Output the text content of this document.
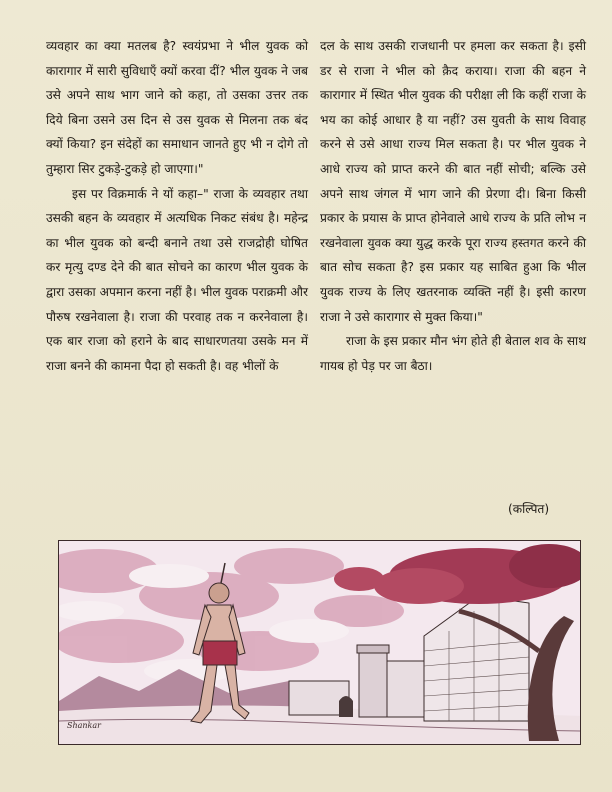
व्यवहार का क्या मतलब है? स्वयंप्रभा ने भील युवक को कारागार में सारी सुविधाएँ क्यों करवा दीं? भील युवक ने जब उसे अपने साथ भाग जाने को कहा, तो उसका उत्तर तक दिये बिना उसने उस दिन से उस युवक से मिलना तक बंद क्यों किया? इन संदेहों का समाधान जानते हुए भी न दोगे तो तुम्हारा सिर टुकड़े-टुकड़े हो जाएगा।"

इस पर विक्रमार्क ने यों कहा–" राजा के व्यवहार तथा उसकी बहन के व्यवहार में अत्यधिक निकट संबंध है। महेन्द्र का भील युवक को बन्दी बनाने तथा उसे राजद्रोही घोषित कर मृत्यु दण्ड देने की बात सोचने का कारण भील युवक के द्वारा उसका अपमान करना नहीं है। भील युवक पराक्रमी और पौरुष रखनेवाला है। राजा की परवाह तक न करनेवाला है। एक बार राजा को हराने के बाद साधारणतया उसके मन में राजा बनने की कामना पैदा हो सकती है। वह भीलों के

दल के साथ उसकी राजधानी पर हमला कर सकता है। इसी डर से राजा ने भील को क़ैद कराया। राजा की बहन ने कारागार में स्थित भील युवक की परीक्षा ली कि कहीं राजा के भय का कोई आधार है या नहीं? उस युवती के साथ विवाह करने से उसे आधा राज्य मिल सकता है। पर भील युवक ने आधे राज्य को प्राप्त करने की बात नहीं सोची; बल्कि उसे अपने साथ जंगल में भाग जाने की प्रेरणा दी। बिना किसी प्रकार के प्रयास के प्राप्त होनेवाले आधे राज्य के प्रति लोभ न रखनेवाला युवक क्या युद्ध करके पूरा राज्य हस्तगत करने की बात सोच सकता है? इस प्रकार यह साबित हुआ कि भील युवक राज्य के लिए खतरनाक व्यक्ति नहीं है। इसी कारण राजा ने उसे कारागार से मुक्त किया।"

राजा के इस प्रकार मौन भंग होते ही बेताल शव के साथ गायब हो पेड़ पर जा बैठा।

(कल्पित)
Shankar
